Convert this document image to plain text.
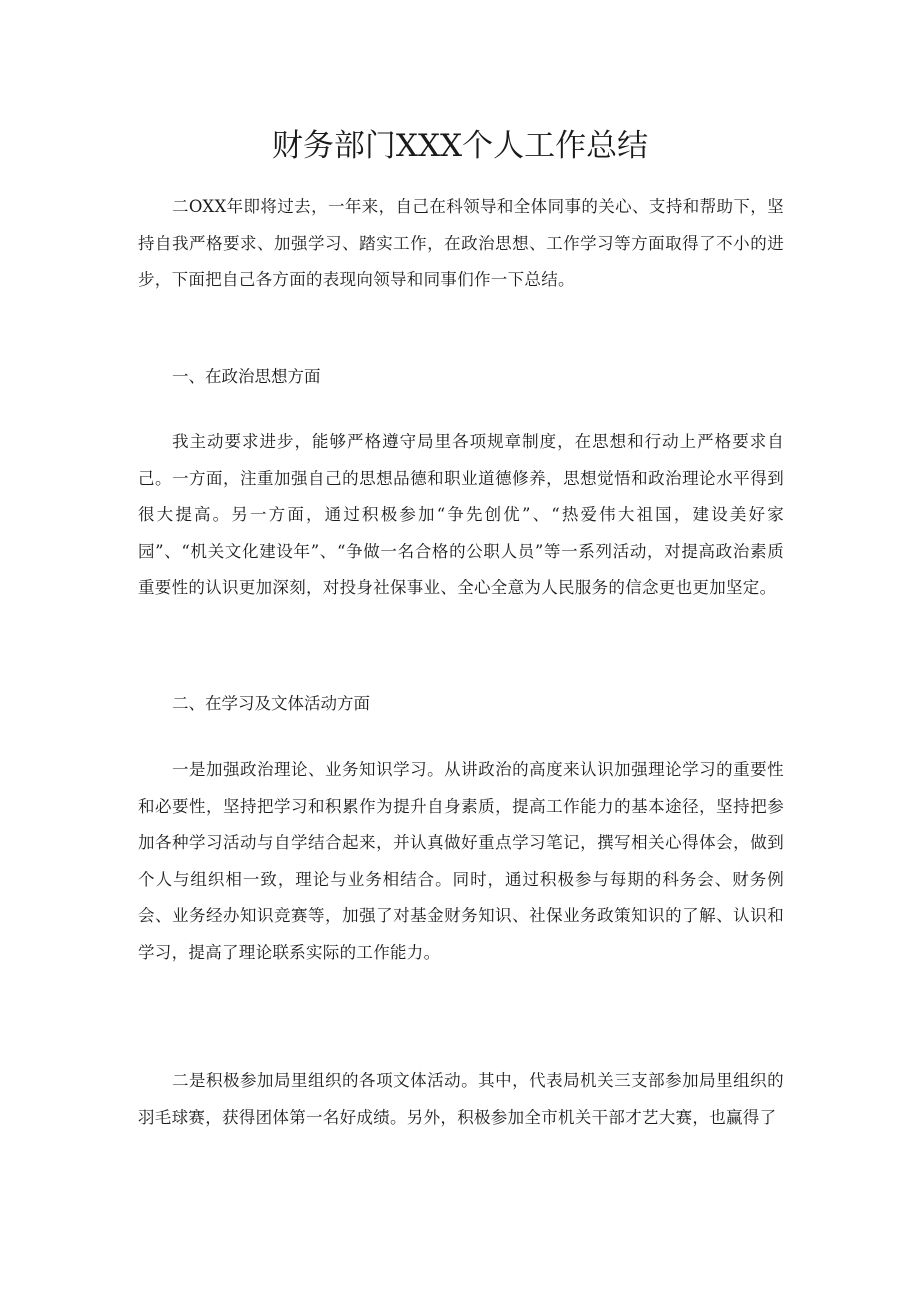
财务部门XXX个人工作总结

二OXX年即将过去，一年来，自己在科领导和全体同事的关心、支持和帮助下，坚持自我严格要求、加强学习、踏实工作，在政治思想、工作学习等方面取得了不小的进步，下面把自己各方面的表现向领导和同事们作一下总结。

一、在政治思想方面

我主动要求进步，能够严格遵守局里各项规章制度，在思想和行动上严格要求自己。一方面，注重加强自己的思想品德和职业道德修养，思想觉悟和政治理论水平得到很大提高。另一方面，通过积极参加“争先创优”、“热爱伟大祖国，建设美好家园”、“机关文化建设年”、“争做一名合格的公职人员”等一系列活动，对提高政治素质重要性的认识更加深刻，对投身社保事业、全心全意为人民服务的信念更也更加坚定。

二、在学习及文体活动方面

一是加强政治理论、业务知识学习。从讲政治的高度来认识加强理论学习的重要性和必要性，坚持把学习和积累作为提升自身素质，提高工作能力的基本途径，坚持把参加各种学习活动与自学结合起来，并认真做好重点学习笔记，撰写相关心得体会，做到个人与组织相一致，理论与业务相结合。同时，通过积极参与每期的科务会、财务例会、业务经办知识竞赛等，加强了对基金财务知识、社保业务政策知识的了解、认识和学习，提高了理论联系实际的工作能力。

二是积极参加局里组织的各项文体活动。其中，代表局机关三支部参加局里组织的羽毛球赛，获得团体第一名好成绩。另外，积极参加全市机关干部才艺大赛，也赢得了
